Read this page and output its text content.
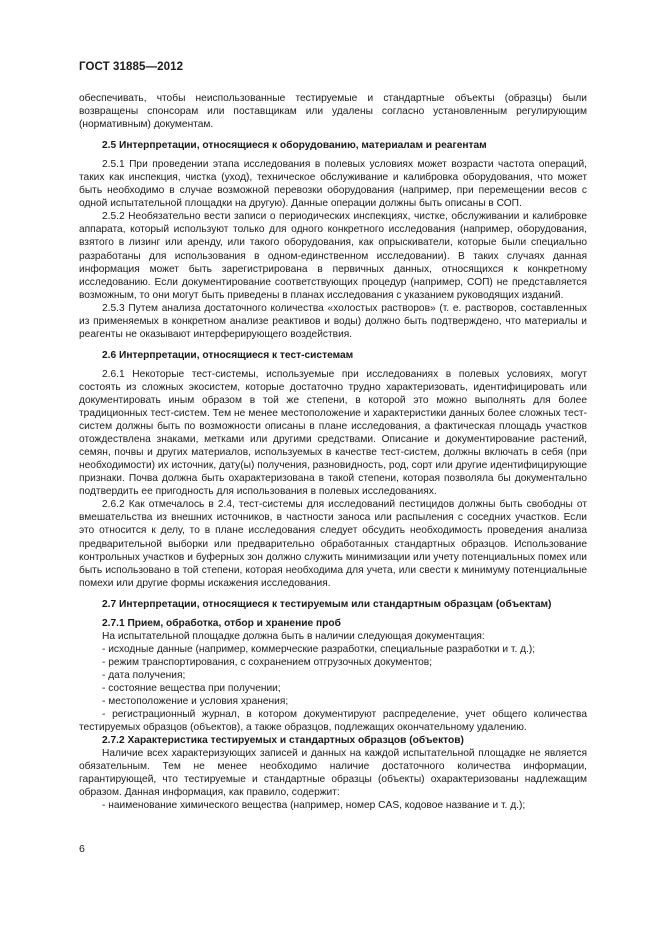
ГОСТ 31885—2012

обеспечивать, чтобы неиспользованные тестируемые и стандартные объекты (образцы) были возвращены спонсорам или поставщикам или удалены согласно установленным регулирующим (нормативным) документам.

2.5 Интерпретации, относящиеся к оборудованию, материалам и реагентам

2.5.1 При проведении этапа исследования в полевых условиях может возрасти частота операций, таких как инспекция, чистка (уход), техническое обслуживание и калибровка оборудования, что может быть необходимо в случае возможной перевозки оборудования (например, при перемещении весов с одной испытательной площадки на другую). Данные операции должны быть описаны в СОП.

2.5.2 Необязательно вести записи о периодических инспекциях, чистке, обслуживании и калибровке аппарата, который используют только для одного конкретного исследования (например, оборудования, взятого в лизинг или аренду, или такого оборудования, как опрыскиватели, которые были специально разработаны для использования в одном-единственном исследовании). В таких случаях данная информация может быть зарегистрирована в первичных данных, относящихся к конкретному исследованию. Если документирование соответствующих процедур (например, СОП) не представляется возможным, то они могут быть приведены в планах исследования с указанием руководящих изданий.

2.5.3 Путем анализа достаточного количества «холостых растворов» (т. е. растворов, составленных из применяемых в конкретном анализе реактивов и воды) должно быть подтверждено, что материалы и реагенты не оказывают интерферирующего воздействия.

2.6 Интерпретации, относящиеся к тест-системам

2.6.1 Некоторые тест-системы, используемые при исследованиях в полевых условиях, могут состоять из сложных экосистем, которые достаточно трудно характеризовать, идентифицировать или документировать иным образом в той же степени, в которой это можно выполнять для более традиционных тест-систем. Тем не менее местоположение и характеристики данных более сложных тест-систем должны быть по возможности описаны в плане исследования, а фактическая площадь участков отождествлена знаками, метками или другими средствами. Описание и документирование растений, семян, почвы и других материалов, используемых в качестве тест-систем, должны включать в себя (при необходимости) их источник, дату(ы) получения, разновидность, род, сорт или другие идентифицирующие признаки. Почва должна быть охарактеризована в такой степени, которая позволяла бы документально подтвердить ее пригодность для использования в полевых исследованиях.

2.6.2 Как отмечалось в 2.4, тест-системы для исследований пестицидов должны быть свободны от вмешательства из внешних источников, в частности заноса или распыления с соседних участков. Если это относится к делу, то в плане исследования следует обсудить необходимость проведения анализа предварительной выборки или предварительно обработанных стандартных образцов. Использование контрольных участков и буферных зон должно служить минимизации или учету потенциальных помех или быть использовано в той степени, которая необходима для учета, или свести к минимуму потенциальные помехи или другие формы искажения исследования.

2.7 Интерпретации, относящиеся к тестируемым или стандартным образцам (объектам)

2.7.1 Прием, обработка, отбор и хранение проб

На испытательной площадке должна быть в наличии следующая документация:

- исходные данные (например, коммерческие разработки, специальные разработки и т. д.);

- режим транспортирования, с сохранением отгрузочных документов;

- дата получения;

- состояние вещества при получении;

- местоположение и условия хранения;

- регистрационный журнал, в котором документируют распределение, учет общего количества тестируемых образцов (объектов), а также образцов, подлежащих окончательному удалению.

2.7.2 Характеристика тестируемых и стандартных образцов (объектов)

Наличие всех характеризующих записей и данных на каждой испытательной площадке не является обязательным. Тем не менее необходимо наличие достаточного количества информации, гарантирующей, что тестируемые и стандартные образцы (объекты) охарактеризованы надлежащим образом. Данная информация, как правило, содержит:

- наименование химического вещества (например, номер CAS, кодовое название и т. д.);

6
